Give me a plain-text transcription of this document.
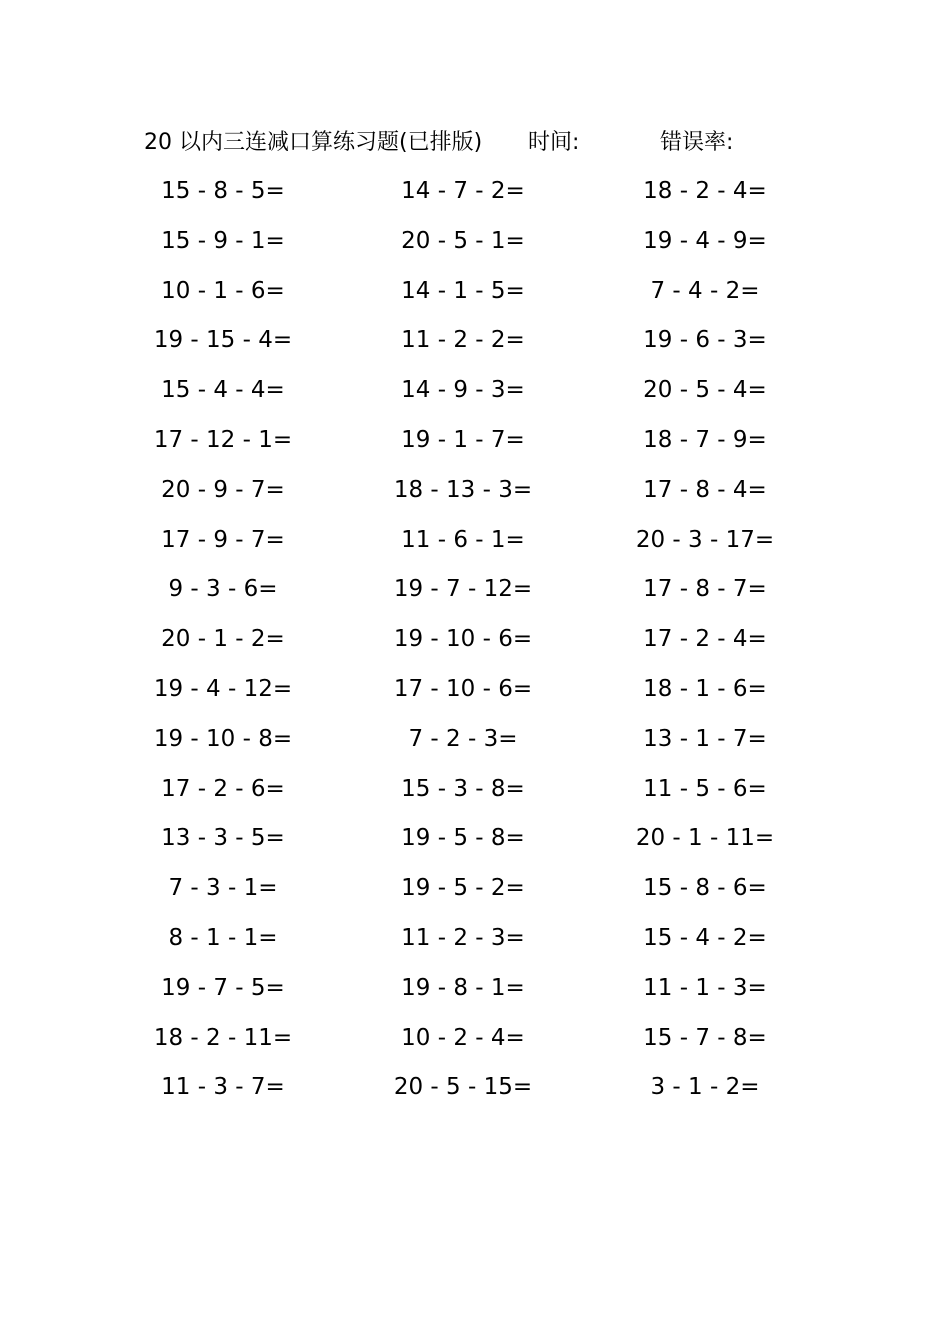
20 以内三连减口算练习题(已排版) 时间:	错误率:
15 - 8 - 5=	14 - 7 - 2=	18 - 2 - 4=
15 - 9 - 1=	20 - 5 - 1=	19 - 4 - 9=
10 - 1 - 6=	14 - 1 - 5=	7 - 4 - 2=
19 - 15 - 4=	11 - 2 - 2=	19 - 6 - 3=
15 - 4 - 4=	14 - 9 - 3=	20 - 5 - 4=
17 - 12 - 1=	19 - 1 - 7=	18 - 7 - 9=
20 - 9 - 7=	18 - 13 - 3=	17 - 8 - 4=
17 - 9 - 7=	11 - 6 - 1=	20 - 3 - 17=
9 - 3 - 6=	19 - 7 - 12=	17 - 8 - 7=
20 - 1 - 2=	19 - 10 - 6=	17 - 2 - 4=
19 - 4 - 12=	17 - 10 - 6=	18 - 1 - 6=
19 - 10 - 8=	7 - 2 - 3=	13 - 1 - 7=
17 - 2 - 6=	15 - 3 - 8=	11 - 5 - 6=
13 - 3 - 5=	19 - 5 - 8=	20 - 1 - 11=
7 - 3 - 1=	19 - 5 - 2=	15 - 8 - 6=
8 - 1 - 1=	11 - 2 - 3=	15 - 4 - 2=
19 - 7 - 5=	19 - 8 - 1=	11 - 1 - 3=
18 - 2 - 11=	10 - 2 - 4=	15 - 7 - 8=
11 - 3 - 7=	20 - 5 - 15=	3 - 1 - 2=
